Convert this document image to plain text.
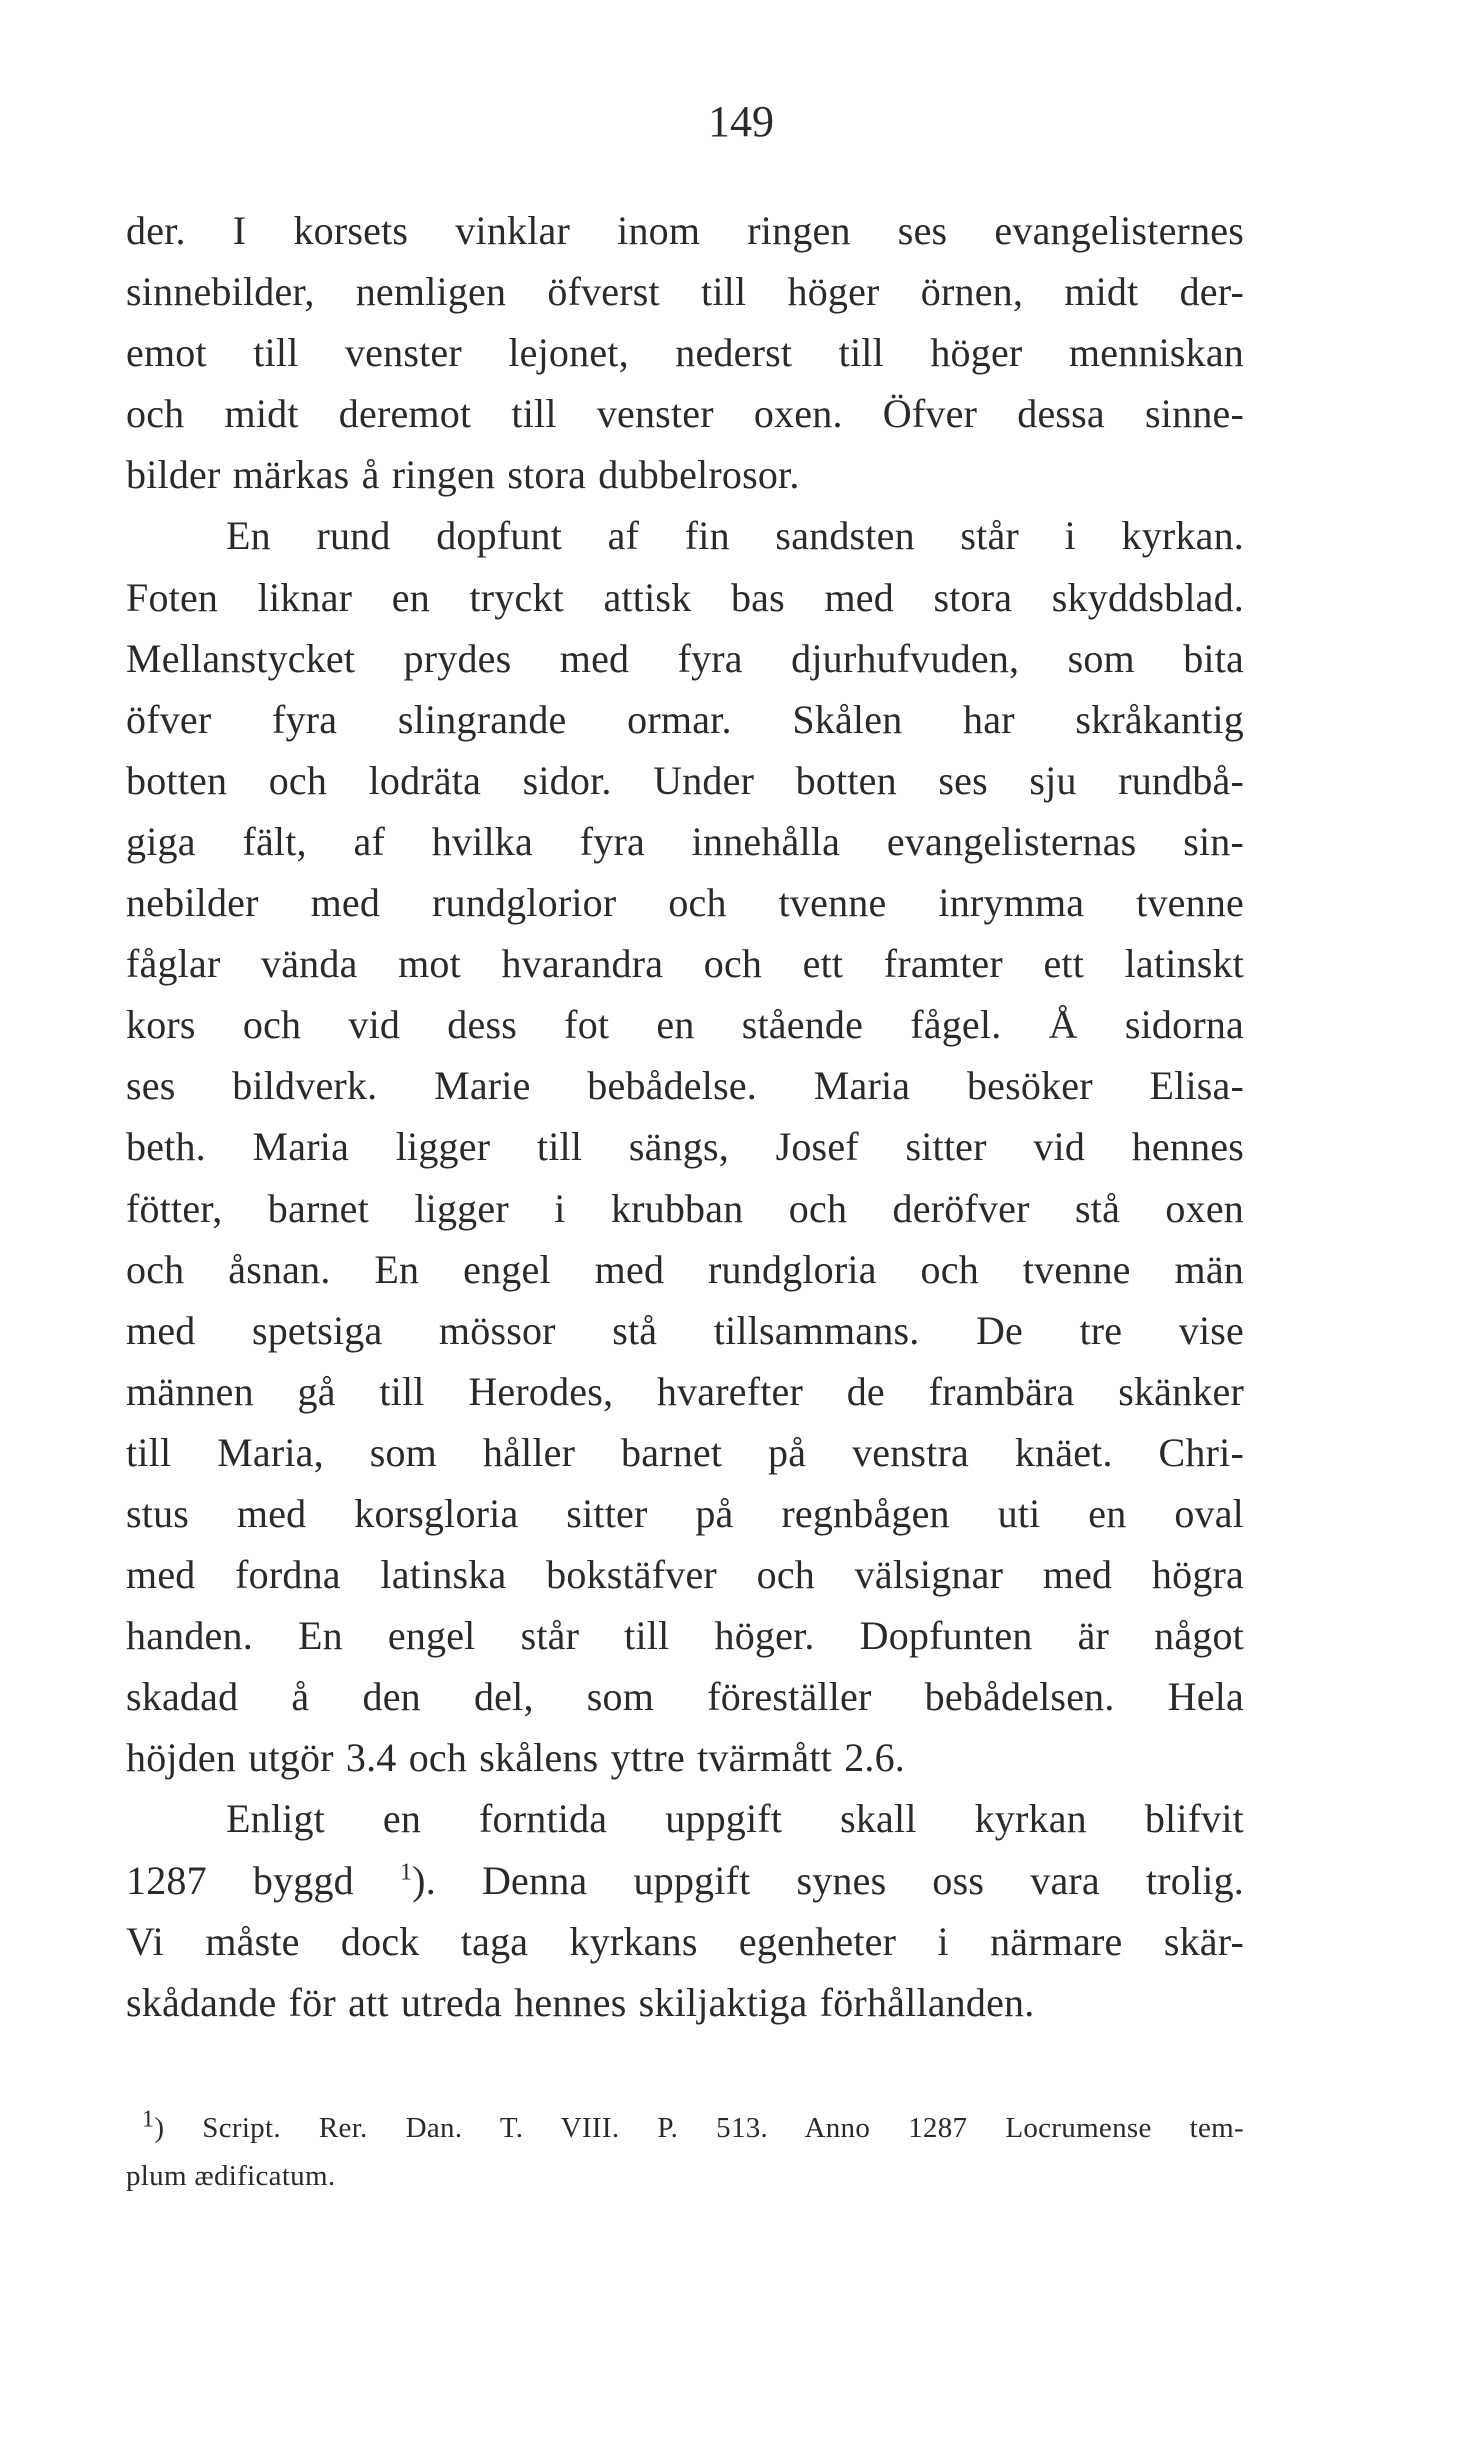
149
der. I korsets vinklar inom ringen ses evangelisternes
sinnebilder, nemligen öfverst till höger örnen, midt der-
emot till venster lejonet, nederst till höger menniskan
och midt deremot till venster oxen. Öfver dessa sinne-
bilder märkas å ringen stora dubbelrosor.
En rund dopfunt af fin sandsten står i kyrkan.
Foten liknar en tryckt attisk bas med stora skyddsblad.
Mellanstycket prydes med fyra djurhufvuden, som bita
öfver fyra slingrande ormar. Skålen har skråkantig
botten och lodräta sidor. Under botten ses sju rundbå-
giga fält, af hvilka fyra innehålla evangelisternas sin-
nebilder med rundglorior och tvenne inrymma tvenne
fåglar vända mot hvarandra och ett framter ett latinskt
kors och vid dess fot en stående fågel. Å sidorna
ses bildverk. Marie bebådelse. Maria besöker Elisa-
beth. Maria ligger till sängs, Josef sitter vid hennes
fötter, barnet ligger i krubban och deröfver stå oxen
och åsnan. En engel med rundgloria och tvenne män
med spetsiga mössor stå tillsammans. De tre vise
männen gå till Herodes, hvarefter de frambära skänker
till Maria, som håller barnet på venstra knäet. Chri-
stus med korsgloria sitter på regnbågen uti en oval
med fordna latinska bokstäfver och välsignar med högra
handen. En engel står till höger. Dopfunten är något
skadad å den del, som föreställer bebådelsen. Hela
höjden utgör 3.4 och skålens yttre tvärmått 2.6.
Enligt en forntida uppgift skall kyrkan blifvit
1287 byggd $^1$). Denna uppgift synes oss vara trolig.
Vi måste dock taga kyrkans egenheter i närmare skär-
skådande för att utreda hennes skiljaktiga förhållanden.
$^1$) Script. Rer. Dan. T. VIII. P. 513. Anno 1287 Locrumense tem-
plum ædificatum.
